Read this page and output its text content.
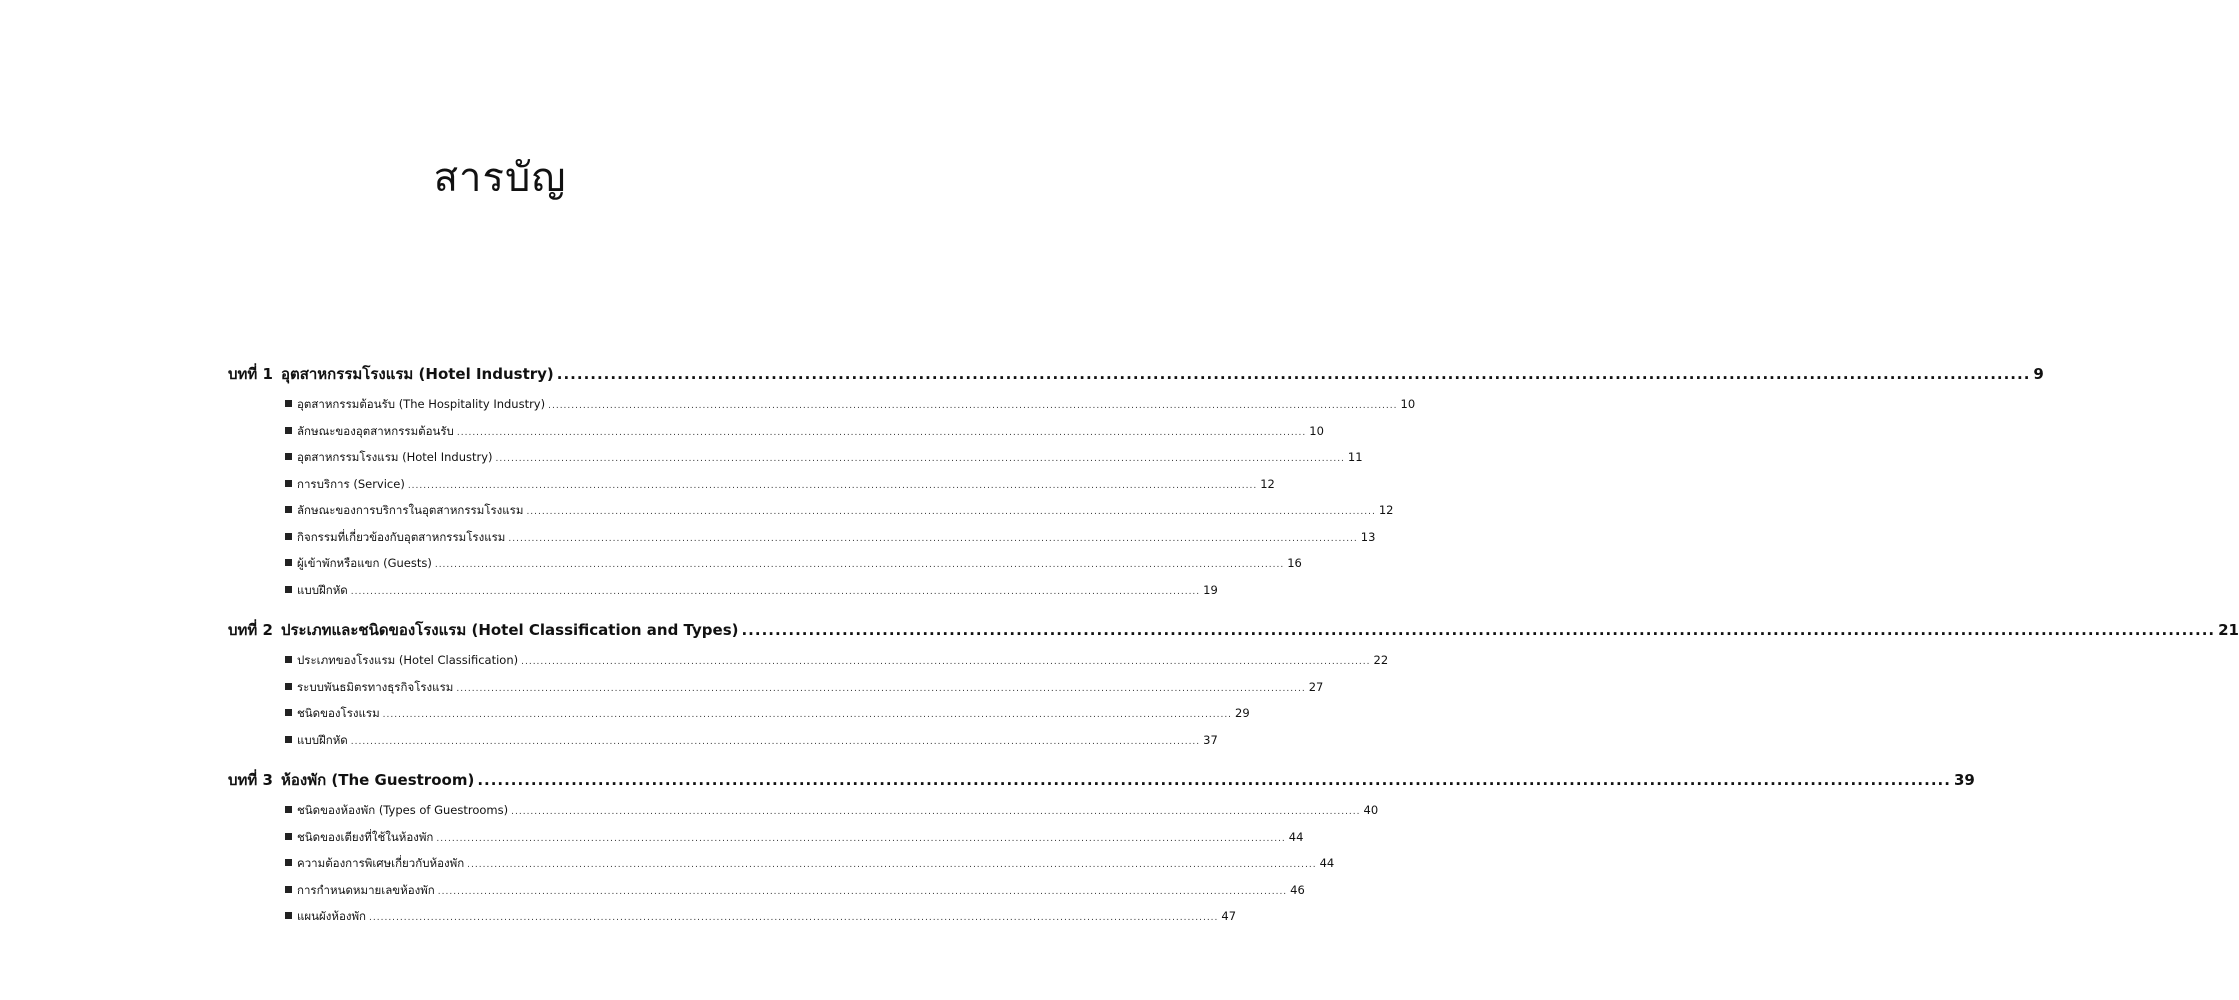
สารบัญ
บทที่ 1 อุตสาหกรรมโรงแรม (Hotel Industry) ............................................................................................................................................................................................................................ 9
อุตสาหกรรมต้อนรับ (The Hospitality Industry) ............................................................................................................................................................................................................................ 10
ลักษณะของอุตสาหกรรมต้อนรับ ............................................................................................................................................................................................................................ 10
อุตสาหกรรมโรงแรม (Hotel Industry) ............................................................................................................................................................................................................................ 11
การบริการ (Service) ............................................................................................................................................................................................................................ 12
ลักษณะของการบริการในอุตสาหกรรมโรงแรม ............................................................................................................................................................................................................................ 12
กิจกรรมที่เกี่ยวข้องกับอุตสาหกรรมโรงแรม ............................................................................................................................................................................................................................ 13
ผู้เข้าพักหรือแขก (Guests) ............................................................................................................................................................................................................................ 16
แบบฝึกหัด ............................................................................................................................................................................................................................ 19
บทที่ 2 ประเภทและชนิดของโรงแรม (Hotel Classification and Types) ............................................................................................................................................................................................................................ 21
ประเภทของโรงแรม (Hotel Classification) ............................................................................................................................................................................................................................ 22
ระบบพันธมิตรทางธุรกิจโรงแรม ............................................................................................................................................................................................................................ 27
ชนิดของโรงแรม ............................................................................................................................................................................................................................ 29
แบบฝึกหัด ............................................................................................................................................................................................................................ 37
บทที่ 3 ห้องพัก (The Guestroom) ............................................................................................................................................................................................................................ 39
ชนิดของห้องพัก (Types of Guestrooms) ............................................................................................................................................................................................................................ 40
ชนิดของเตียงที่ใช้ในห้องพัก ............................................................................................................................................................................................................................ 44
ความต้องการพิเศษเกี่ยวกับห้องพัก ............................................................................................................................................................................................................................ 44
การกำหนดหมายเลขห้องพัก ............................................................................................................................................................................................................................ 46
แผนผังห้องพัก ............................................................................................................................................................................................................................ 47
